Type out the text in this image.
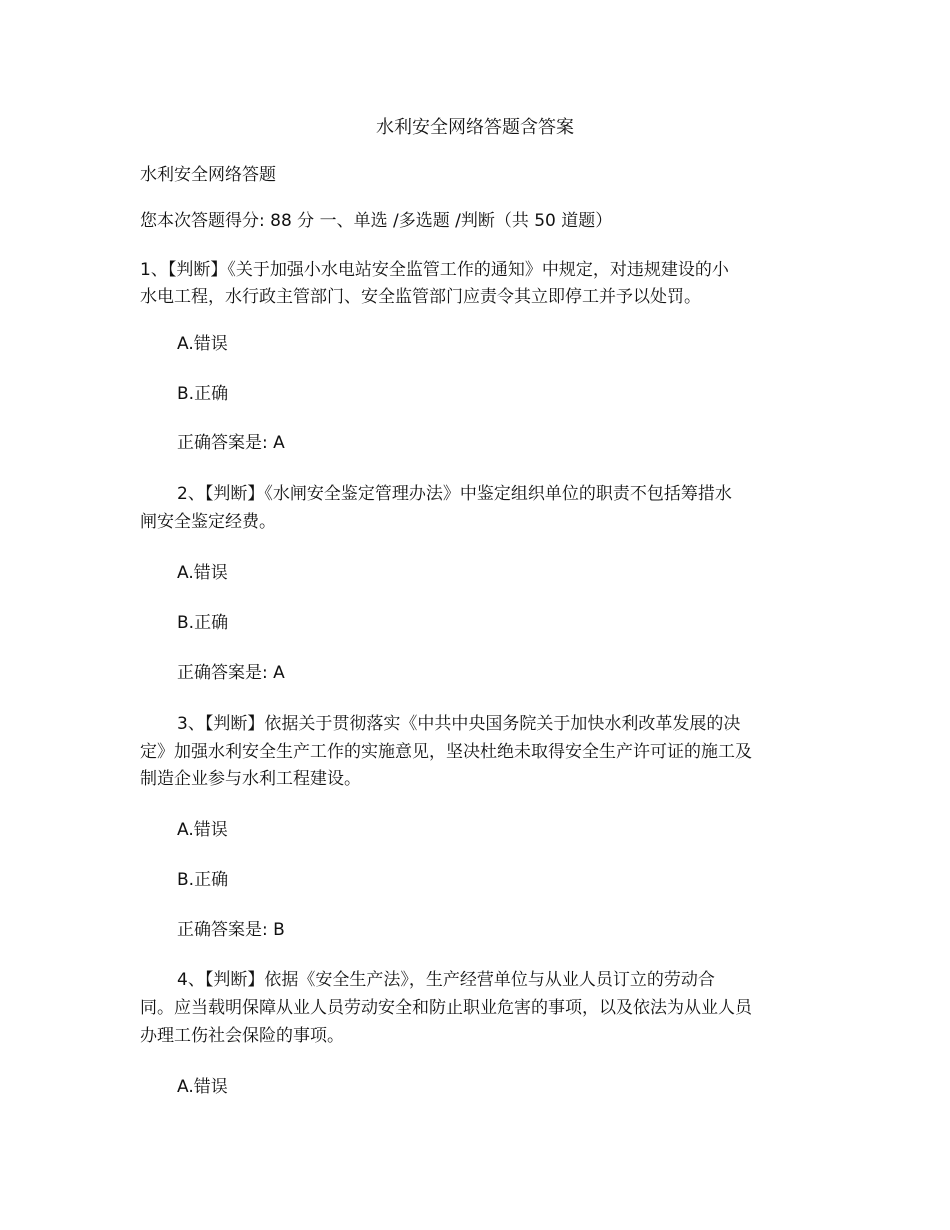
水利安全网络答题含答案
水利安全网络答题
您本次答题得分: 88 分 一、单选 /多选题 /判断（共 50 道题）
1、【判断】《关于加强小水电站安全监管工作的通知》中规定，对违规建设的小
水电工程，水行政主管部门、安全监管部门应责令其立即停工并予以处罚。
A.错误
B.正确
正确答案是: A
2、【判断】《水闸安全鉴定管理办法》中鉴定组织单位的职责不包括筹措水
闸安全鉴定经费。
A.错误
B.正确
正确答案是: A
3、【判断】依据关于贯彻落实《中共中央国务院关于加快水利改革发展的决
定》加强水利安全生产工作的实施意见，坚决杜绝未取得安全生产许可证的施工及
制造企业参与水利工程建设。
A.错误
B.正确
正确答案是: B
4、【判断】依据《安全生产法》，生产经营单位与从业人员订立的劳动合
同。应当载明保障从业人员劳动安全和防止职业危害的事项，以及依法为从业人员
办理工伤社会保险的事项。
A.错误
